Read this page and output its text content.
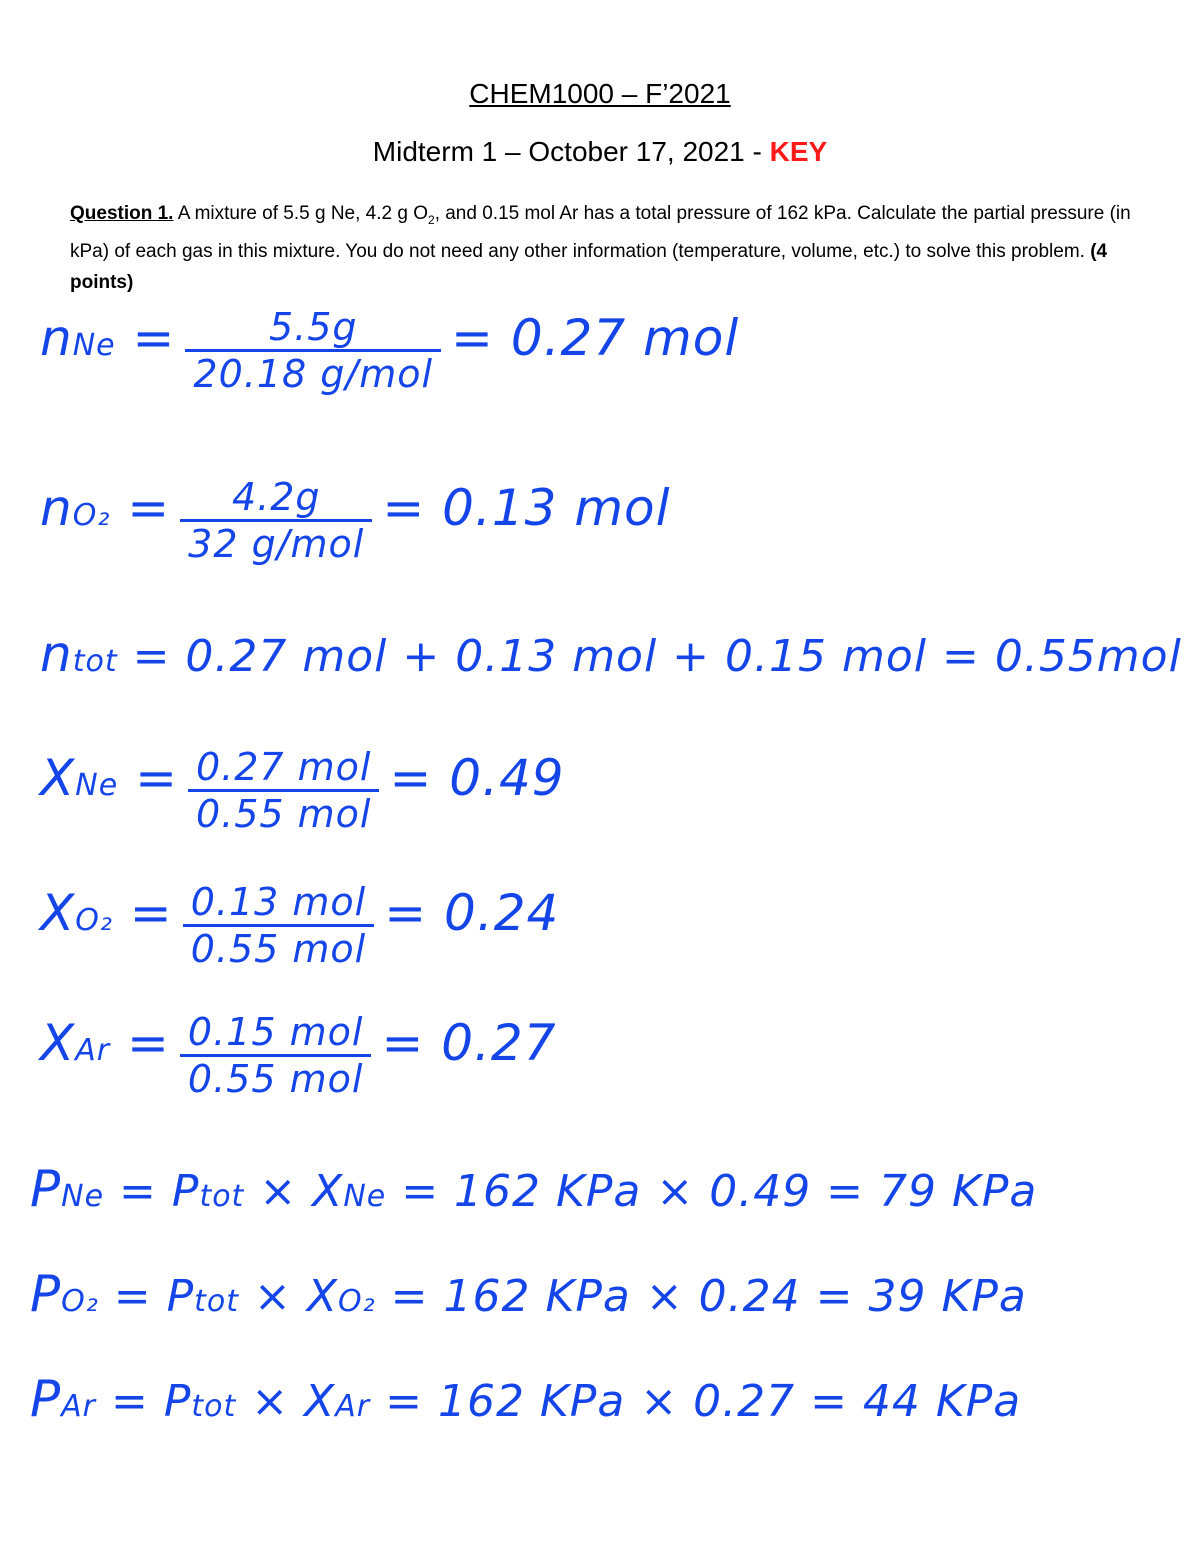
CHEM1000 – F’2021
Midterm 1 – October 17, 2021 - KEY
Question 1. A mixture of 5.5 g Ne, 4.2 g $O_2$, and 0.15 mol Ar has a total pressure of 162 kPa. Calculate the partial pressure (in kPa) of each gas in this mixture. You do not need any other information (temperature, volume, etc.) to solve this problem. (4 points)
nNe = $\frac{5.5g}{\text{20.18 g/mol}} = 0.27$ mol
$nO_2 = \frac{4.2g}{\text{32 g/mol}} = 0.13$ mol
ntot = 0.27 mol + 0.13 mol + 0.15 mol = 0.55mol
XNe = $\frac{\text{0.27 mol}}{\text{0.55 mol}} = 0.49$
$XO_2 = \frac{\text{0.13 mol}}{\text{0.55 mol}} = 0.24$
XAr = $\frac{\text{0.15 mol}}{\text{0.55 mol}} = 0.27$
PNe = Ptot × XNe = 162 KPa × 0.49 = 79 KPa
PO₂ = Ptot × XO₂ = 162 KPa × 0.24 = 39 KPa
PAr = Ptot × XAr = 162 KPa × 0.27 = 44 KPa
